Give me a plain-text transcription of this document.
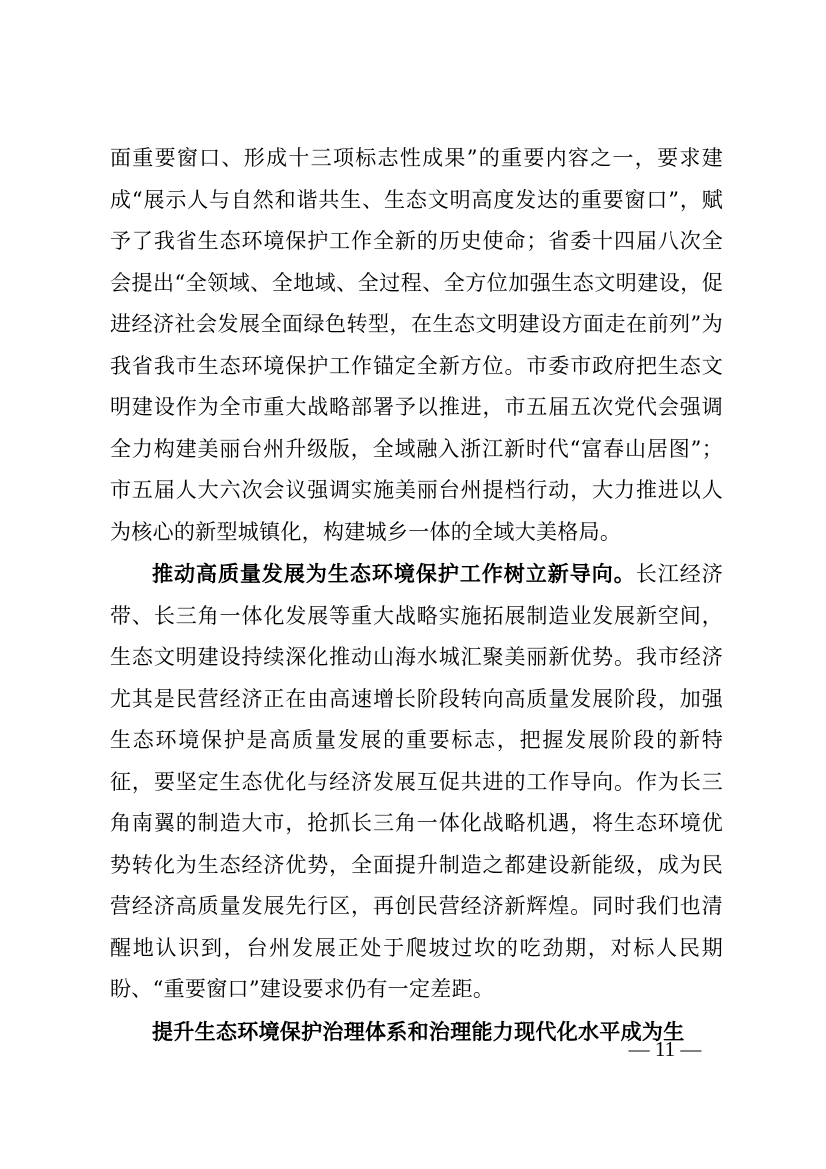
面重要窗口、形成十三项标志性成果”的重要内容之一，要求建成“展示人与自然和谐共生、生态文明高度发达的重要窗口”，赋予了我省生态环境保护工作全新的历史使命；省委十四届八次全会提出“全领域、全地域、全过程、全方位加强生态文明建设，促进经济社会发展全面绿色转型，在生态文明建设方面走在前列”为我省我市生态环境保护工作锚定全新方位。市委市政府把生态文明建设作为全市重大战略部署予以推进，市五届五次党代会强调全力构建美丽台州升级版，全域融入浙江新时代“富春山居图”；市五届人大六次会议强调实施美丽台州提档行动，大力推进以人为核心的新型城镇化，构建城乡一体的全域大美格局。

推动高质量发展为生态环境保护工作树立新导向。长江经济带、长三角一体化发展等重大战略实施拓展制造业发展新空间，生态文明建设持续深化推动山海水城汇聚美丽新优势。我市经济尤其是民营经济正在由高速增长阶段转向高质量发展阶段，加强生态环境保护是高质量发展的重要标志，把握发展阶段的新特征，要坚定生态优化与经济发展互促共进的工作导向。作为长三角南翼的制造大市，抢抓长三角一体化战略机遇，将生态环境优势转化为生态经济优势，全面提升制造之都建设新能级，成为民营经济高质量发展先行区，再创民营经济新辉煌。同时我们也清醒地认识到，台州发展正处于爬坡过坎的吃劲期，对标人民期盼、“重要窗口”建设要求仍有一定差距。

提升生态环境保护治理体系和治理能力现代化水平成为生

— 11 —
